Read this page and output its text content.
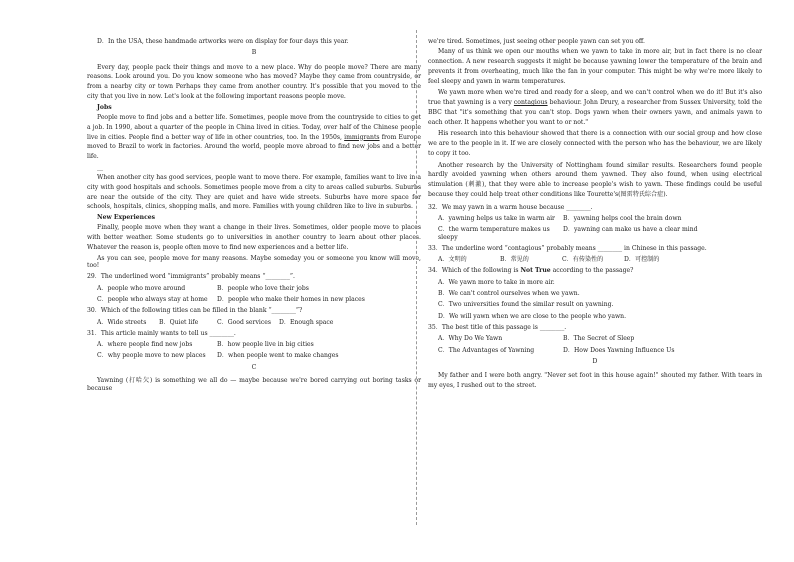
D．In the USA, these handmade artworks were on display for four days this year.

B

Every day, people pack their things and move to a new place. Why do people move? There are many reasons. Look around you. Do you know someone who has moved? Maybe they came from countryside, or from a nearby city or town Perhaps they came from another country. It's possible that you moved to the city that you live in now. Let's look at the following important reasons people move.

Jobs

People move to find jobs and a better life. Sometimes, people move from the countryside to cities to get a job. In 1990, about a quarter of the people in China lived in cities. Today, over half of the Chinese people live in cities. People find a better way of life in other countries, too. In the 1950s, immigrants from Europe moved to Brazil to work in factories. Around the world, people move abroad to find new jobs and a better life.

__

When another city has good services, people want to move there. For example, families want to live in a city with good hospitals and schools. Sometimes people move from a city to areas called suburbs. Suburbs are near the outside of the city. They are quiet and have wide streets. Suburbs have more space for schools, hospitals, clinics, shopping malls, and more. Families with young children like to live in suburbs.

New Experiences

Finally, people move when they want a change in their lives. Sometimes, older people move to places with better weather. Some students go to universities in another country to learn about other places. Whatever the reason is, people often move to find new experiences and a better life.

As you can see, people move for many reasons. Maybe someday you or someone you know will move, too!

29．The underlined word “immigrants” probably means “________”.

A．people who move around	B．people who love their jobs
C．people who always stay at home	D．people who make their homes in new places

30．Which of the following titles can be filled in the blank “________”?

A．Wide streets	B．Quiet life	C．Good services	D．Enough space

31．This article mainly wants to tell us ________.

A．where people find new jobs	B．how people live in big cities
C．why people move to new places	D．when people went to make changes

C

Yawning (打哈欠) is something we all do — maybe because we're bored carrying out boring tasks or because

we're tired. Sometimes, just seeing other people yawn can set you off.

Many of us think we open our mouths when we yawn to take in more air, but in fact there is no clear connection. A new research suggests it might be because yawning lower the temperature of the brain and prevents it from overheating, much like the fan in your computer. This might be why we're more likely to feel sleepy and yawn in warm temperatures.

We yawn more when we're tired and ready for a sleep, and we can't control when we do it! But it's also true that yawning is a very contagious behaviour. John Drury, a researcher from Sussex University, told the BBC that "it's something that you can't stop. Dogs yawn when their owners yawn, and animals yawn to each other. It happens whether you want to or not."

His research into this behaviour showed that there is a connection with our social group and how close we are to the people in it. If we are closely connected with the person who has the behaviour, we are likely to copy it too.

Another research by the University of Nottingham found similar results. Researchers found people hardly avoided yawning when others around them yawned. They also found, when using electrical stimulation (刺激), that they were able to increase people's wish to yawn. These findings could be useful because they could help treat other conditions like Tourette's(图雷特氏综合症).

32．We may yawn in a warm house because ________.

A．yawning helps us take in warm air	B．yawning helps cool the brain down
C．the warm temperature makes us sleepy
D．yawning can make us have a clear mind

33．The underline word “contagious” probably means ________ in Chinese in this passage.

A．文明的	B．常见的	C．有传染性的	D．可控制的

34．Which of the following is Not True according to the passage?

A．We yawn more to take in more air.

B．We can't control ourselves when we yawn.

C．Two universities found the similar result on yawning.

D．We will yawn when we are close to the people who yawn.

35．The best title of this passage is ________.

A．Why Do We Yawn	B．The Secret of Sleep
C．The Advantages of Yawning	D．How Does Yawning Influence Us

D

My father and I were both angry. "Never set foot in this house again!" shouted my father. With tears in my eyes, I rushed out to the street.
